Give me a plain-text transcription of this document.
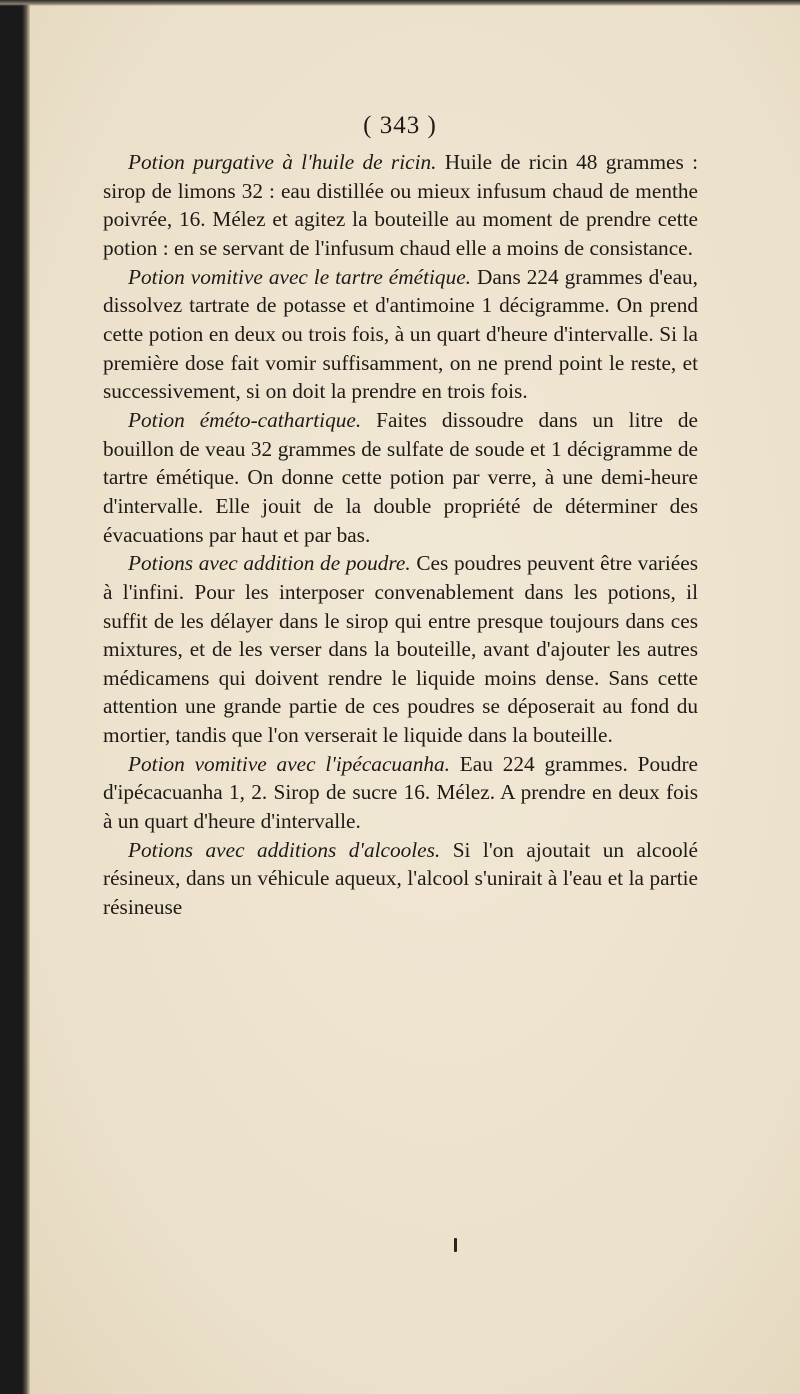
( 343 )

Potion purgative à l'huile de ricin. Huile de ricin 48 grammes : sirop de limons 32 : eau distillée ou mieux infusum chaud de menthe poivrée, 16. Mélez et agitez la bouteille au moment de prendre cette potion : en se servant de l'infusum chaud elle a moins de consistance.

Potion vomitive avec le tartre émétique. Dans 224 grammes d'eau, dissolvez tartrate de potasse et d'antimoine 1 décigramme. On prend cette potion en deux ou trois fois, à un quart d'heure d'intervalle. Si la première dose fait vomir suffisamment, on ne prend point le reste, et successivement, si on doit la prendre en trois fois.

Potion éméto-cathartique. Faites dissoudre dans un litre de bouillon de veau 32 grammes de sulfate de soude et 1 décigramme de tartre émétique. On donne cette potion par verre, à une demi-heure d'intervalle. Elle jouit de la double propriété de déterminer des évacuations par haut et par bas.

Potions avec addition de poudre. Ces poudres peuvent être variées à l'infini. Pour les interposer convenablement dans les potions, il suffit de les délayer dans le sirop qui entre presque toujours dans ces mixtures, et de les verser dans la bouteille, avant d'ajouter les autres médicamens qui doivent rendre le liquide moins dense. Sans cette attention une grande partie de ces poudres se déposerait au fond du mortier, tandis que l'on verserait le liquide dans la bouteille.

Potion vomitive avec l'ipécacuanha. Eau 224 grammes. Poudre d'ipécacuanha 1, 2. Sirop de sucre 16. Mélez. A prendre en deux fois à un quart d'heure d'intervalle.

Potions avec additions d'alcooles. Si l'on ajoutait un alcoolé résineux, dans un véhicule aqueux, l'alcool s'unirait à l'eau et la partie résineuse
